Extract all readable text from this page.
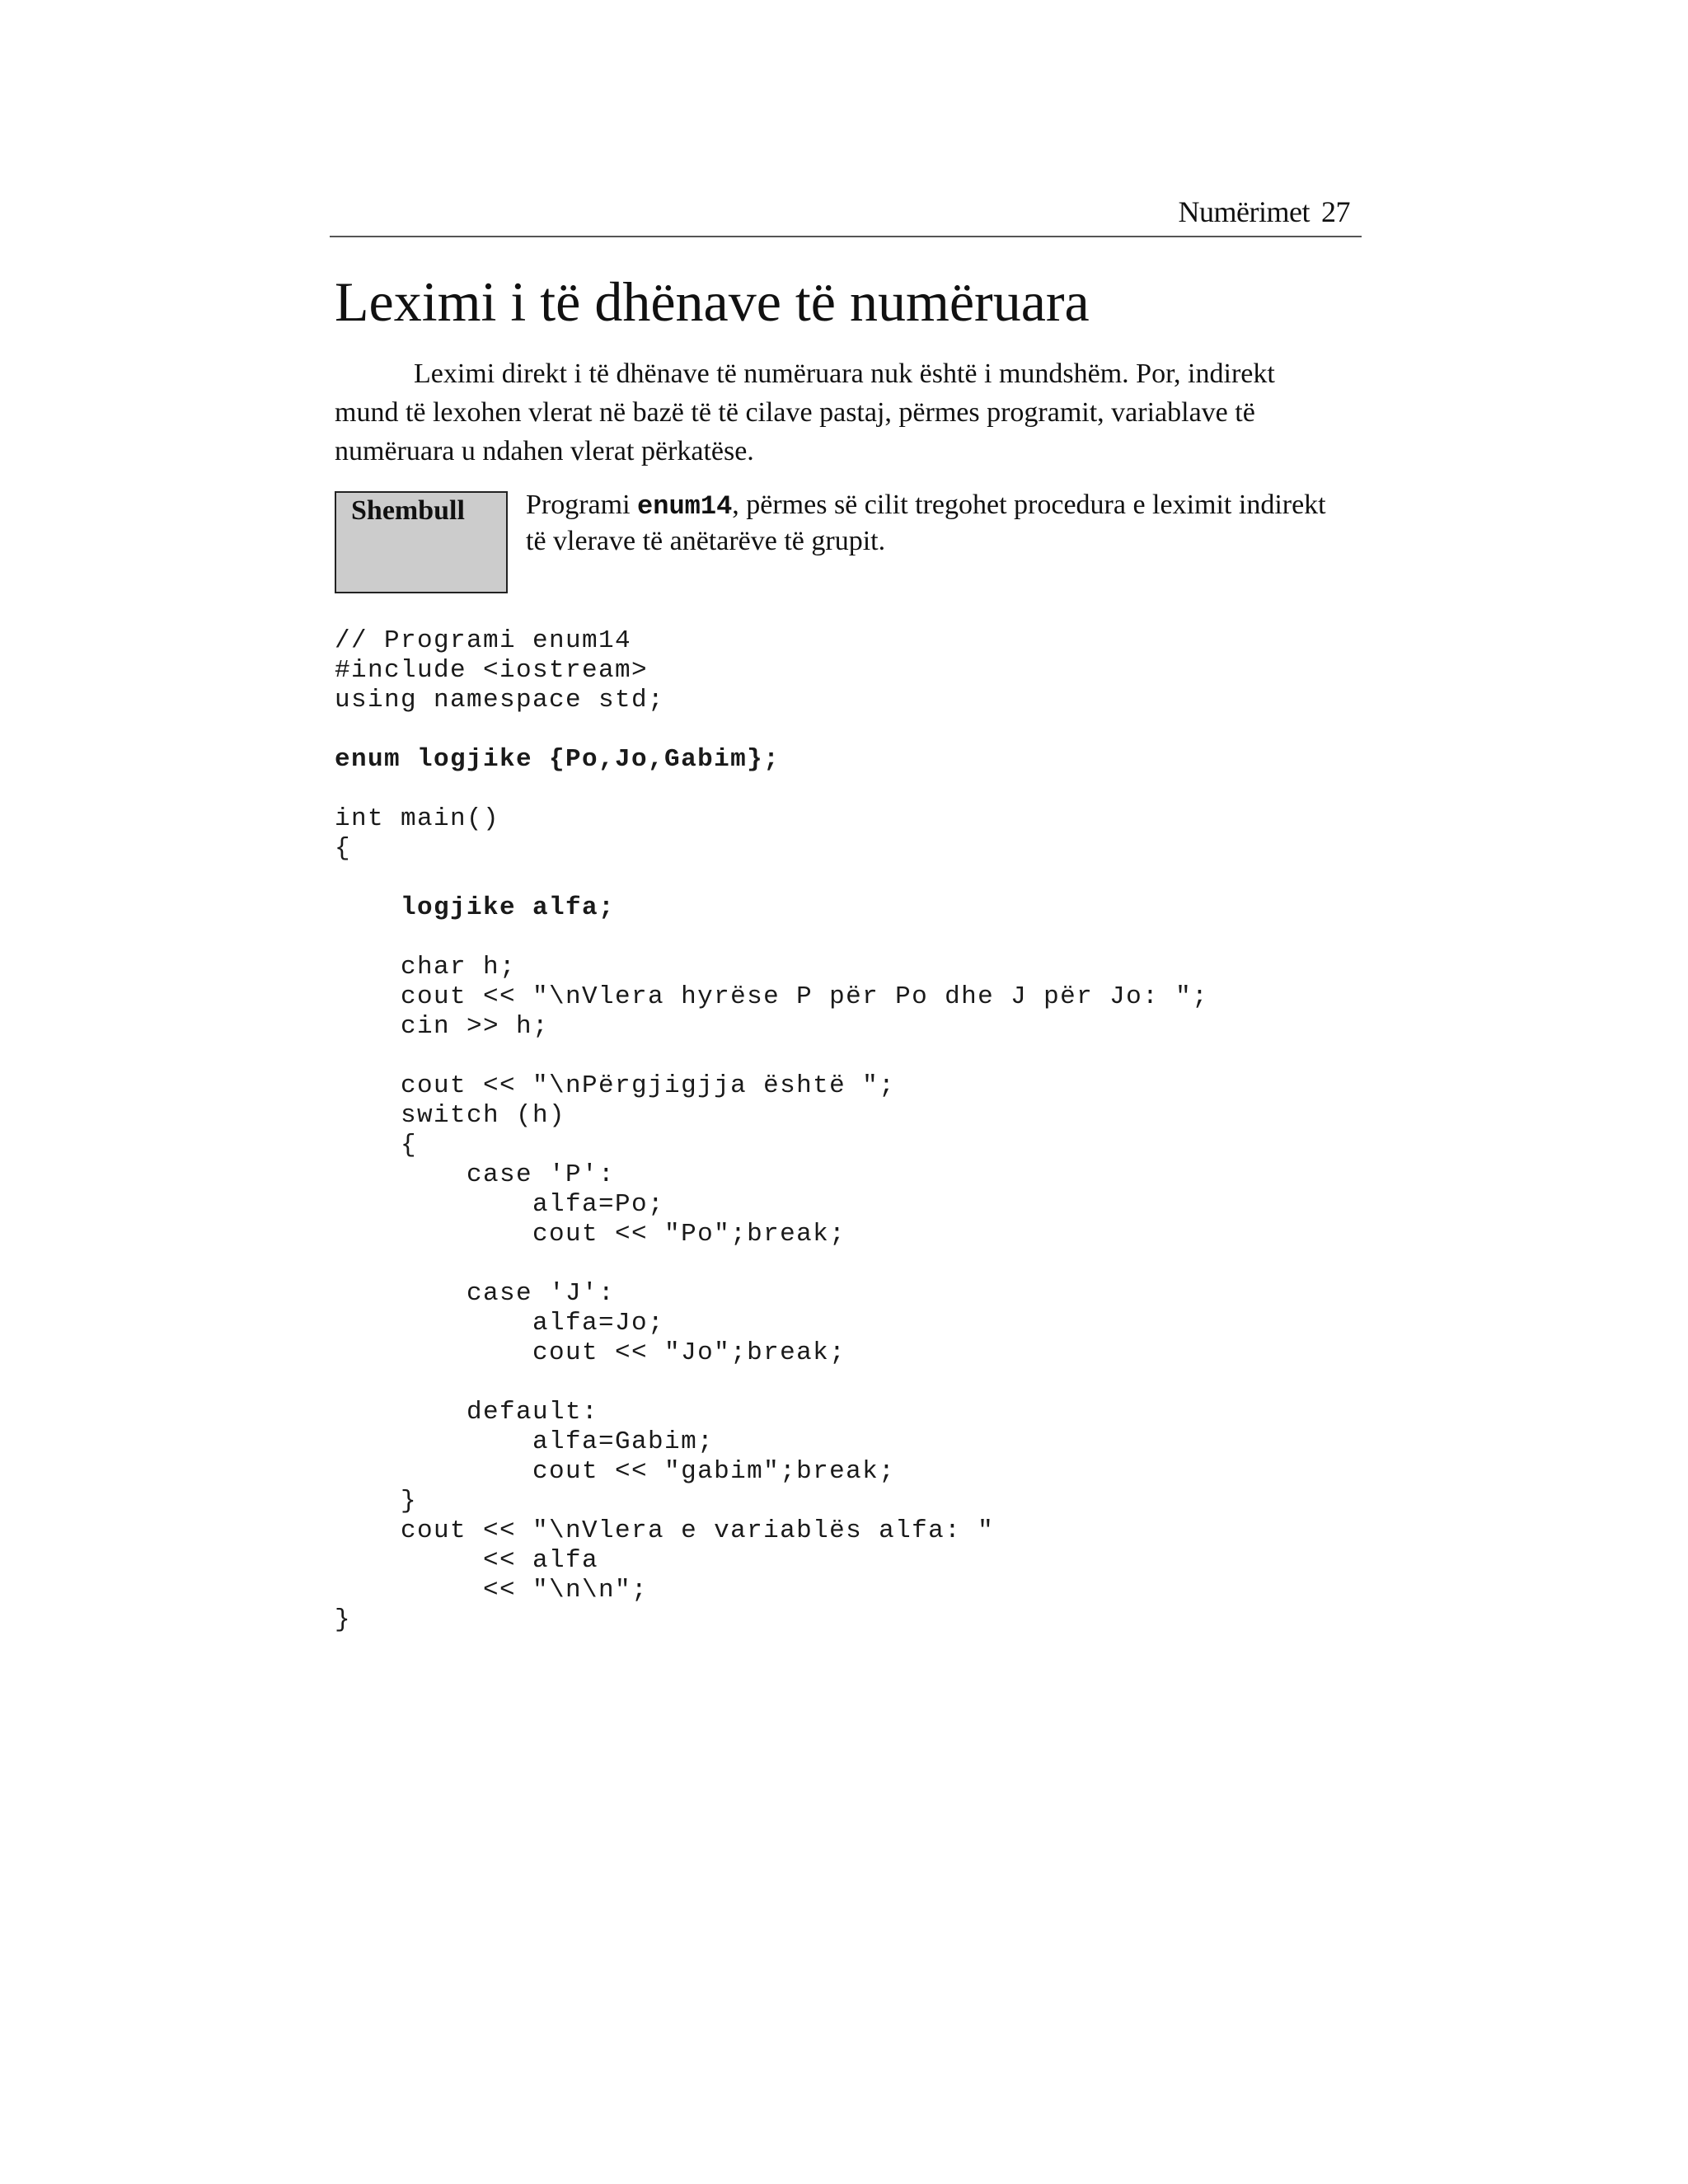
Numërimet 27
Leximi i të dhënave të numëruara

Leximi direkt i të dhënave të numëruara nuk është i mundshëm. Por, indirekt mund të lexohen vlerat në bazë të të cilave pastaj, përmes programit, variablave të numëruara u ndahen vlerat përkatëse.

Shembull Programi enum14, përmes së cilit tregohet procedura e leximit indirekt të vlerave të anëtarëve të grupit.

// Programi enum14
#include <iostream>
using namespace std;
enum logjike {Po,Jo,Gabim};
int main()
{
logjike alfa;
char h;
cout << "\nVlera hyrëse P për Po dhe J për Jo: ";
cin >> h;
cout << "\nPërgjigjja është ";
switch (h)
{
case 'P':
alfa=Po;
cout << "Po";break;
case 'J':
alfa=Jo;
cout << "Jo";break;
default:
alfa=Gabim;
cout << "gabim";break;
}
cout << "\nVlera e variablës alfa: "
<< alfa
<< "\n\n";
}
